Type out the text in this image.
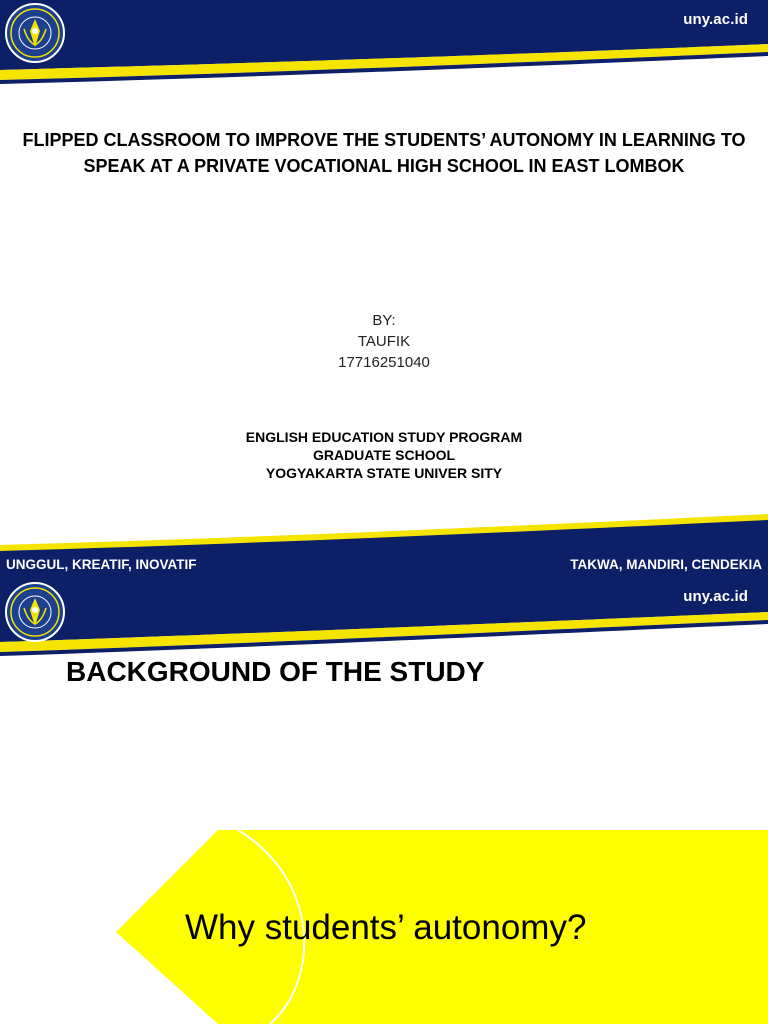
uny.ac.id
FLIPPED CLASSROOM TO IMPROVE THE STUDENTS’ AUTONOMY IN LEARNING TO SPEAK AT A PRIVATE VOCATIONAL HIGH SCHOOL IN EAST LOMBOK
BY:
TAUFIK
17716251040
ENGLISH EDUCATION STUDY PROGRAM
GRADUATE SCHOOL
YOGYAKARTA STATE UNIVER SITY
UNGGUL, KREATIF, INOVATIF	TAKWA, MANDIRI, CENDEKIA
uny.ac.id
BACKGROUND OF THE STUDY
Why students’ autonomy?
